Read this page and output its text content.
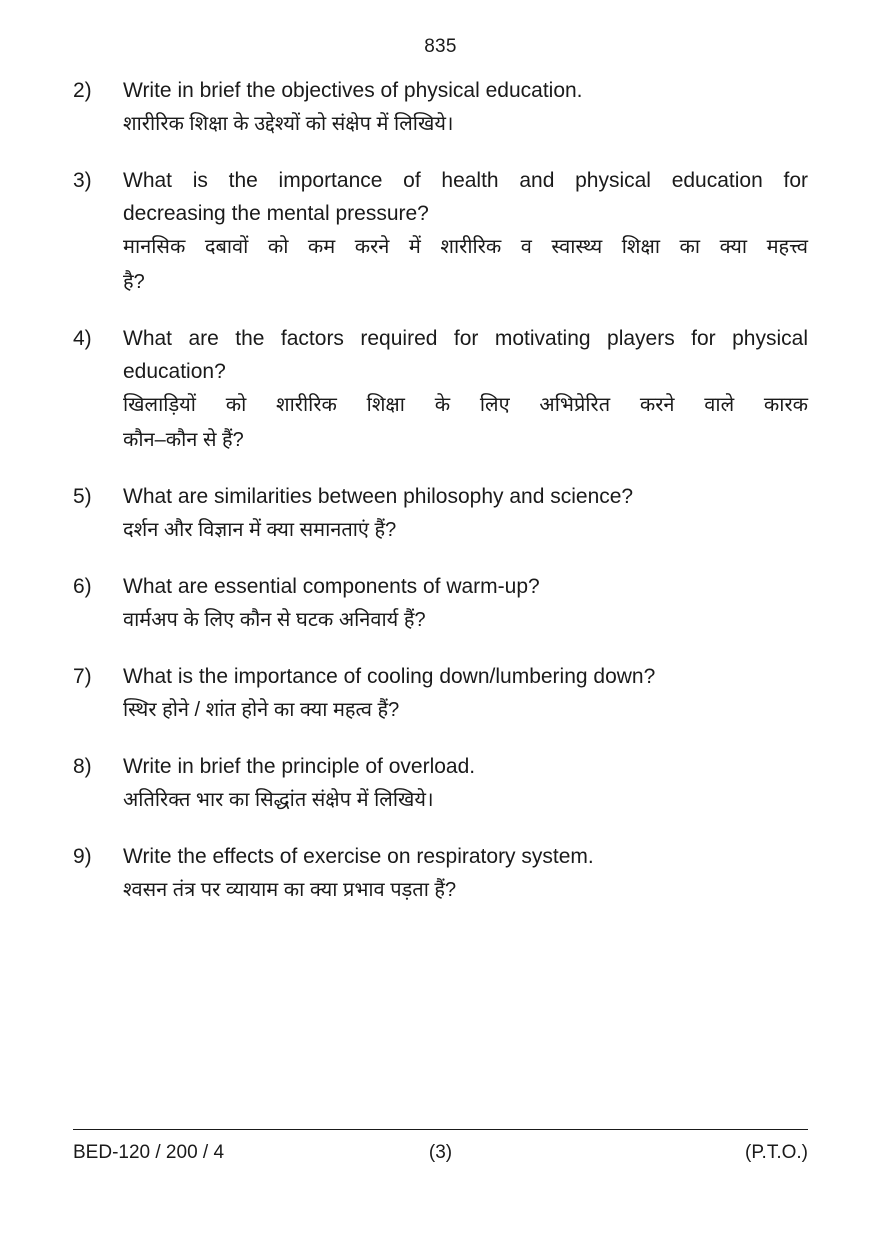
835
2)	Write in brief the objectives of physical education.

शारीरिक शिक्षा के उद्देश्यों को संक्षेप में लिखिये।

3)	What is the importance of health and physical education for

decreasing the mental pressure?

मानसिक दबावों को कम करने में शारीरिक व स्वास्थ्य शिक्षा का क्या महत्त्व

है?

4)	What are the factors required for motivating players for physical

education?

खिलाड़ियों को शारीरिक शिक्षा के लिए अभिप्रेरित करने वाले कारक

कौन–कौन से हैं?

5)	What are similarities between philosophy and science?

दर्शन और विज्ञान में क्या समानताएं हैं?

6)	What are essential components of warm-up?

वार्मअप के लिए कौन से घटक अनिवार्य हैं?

7)	What is the importance of cooling down/lumbering down?

स्थिर होने / शांत होने का क्या महत्व हैं?

8)	Write in brief the principle of overload.

अतिरिक्त भार का सिद्धांत संक्षेप में लिखिये।

9)	Write the effects of exercise on respiratory system.

श्वसन तंत्र पर व्यायाम का क्या प्रभाव पड़ता हैं?

BED-120 / 200 / 4	(3)	(P.T.O.)
